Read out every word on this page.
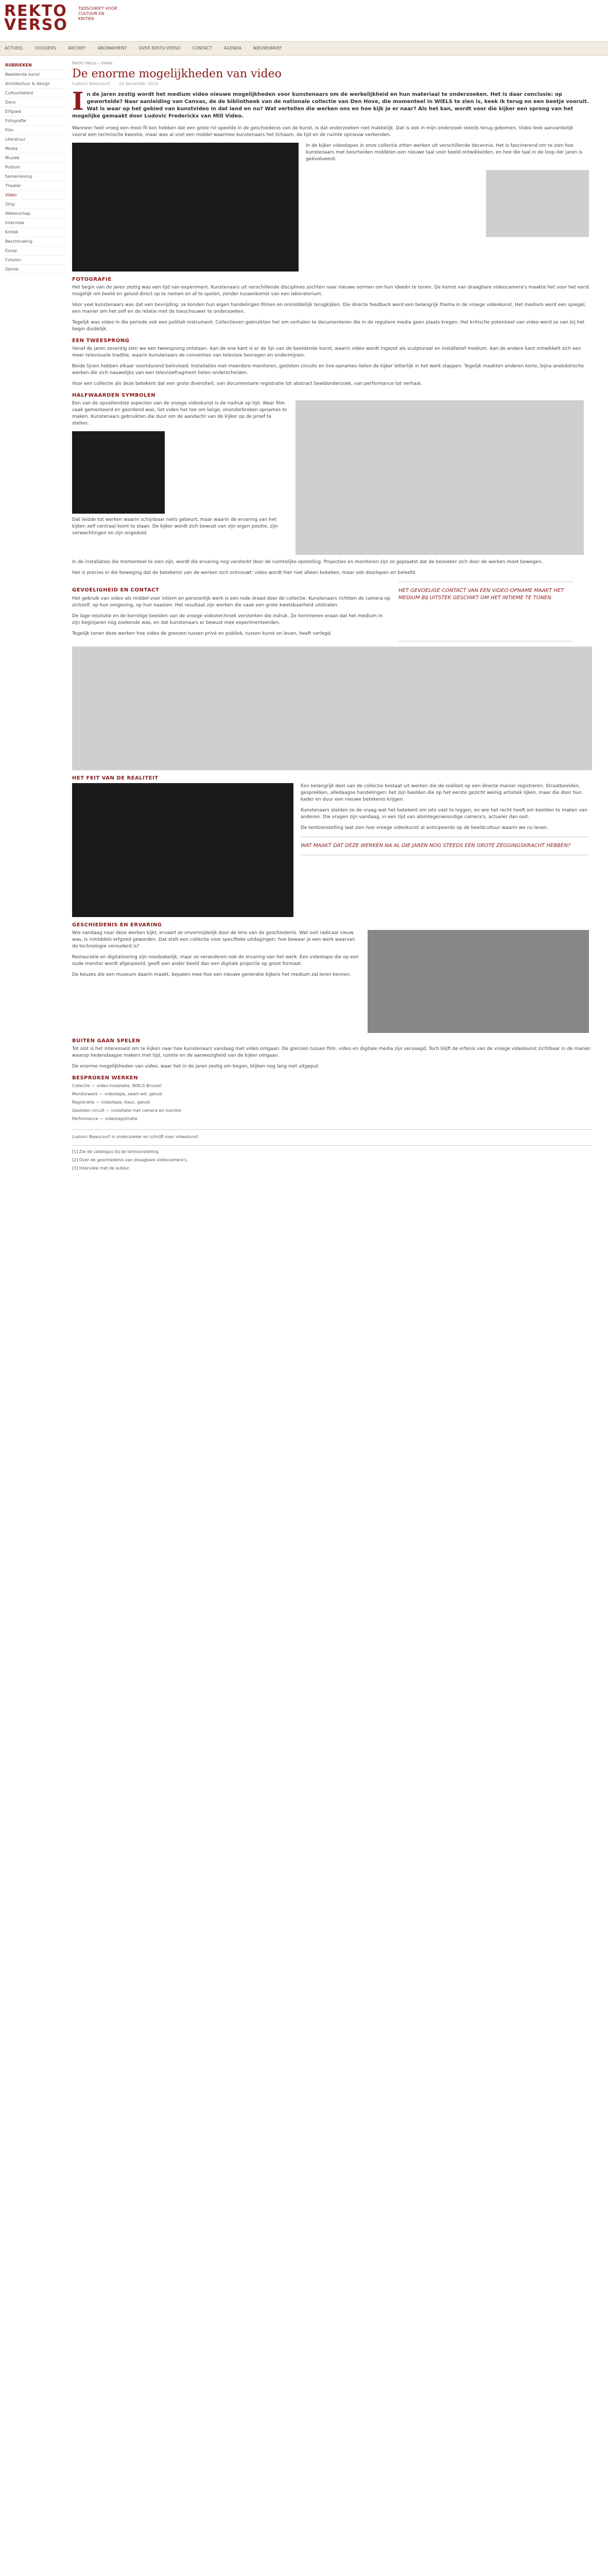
REKTO
VERSO
TIJDSCHRIFT VOOR CULTUUR EN KRITIEK
ACTUEEL	DOSSIERS	ARCHIEF	ABONNEMENT	OVER REKTO:VERSO	CONTACT	AGENDA	NIEUWSBRIEF
RUBRIEKEN
Beeldende kunst
Architectuur & design
Cultuurbeleid
Dans
Erfgoed
Fotografie
Film
Literatuur
Media
Muziek
Podium
Samenleving
Theater
Video
Strip
Wetenschap
Interview
Kritiek
Beschouwing
Essay
Column
Opinie
Rekto:Verso › Video
De enorme mogelijkheden van video
Ludovic Beaucourt 22 december 2014
I n de jaren zestig wordt het medium video nieuwe mogelijkheden voor kunstenaars om de werkelijkheid en hun materiaal te onderzoeken. Het is daar conclusie: op gewortelde? Naar aanleiding van Canvas, de de bibliotheek van de nationale collectie van Den Hove, die momenteel in WIELS te zien is, keek ik terug en een beetje vooruit. Wat is waar op het gebied van kunstvideo in dat land en nu? Wat vertellen die werken ons en hoe kijk je er naar? Als het kan, wordt voor die kijker een sprong van het mogelijke gemaakt door Ludovic Frederickx van Mill Video.

Wanneer heel vroeg een mooi fil kon hebben dat een grote rol speelde in de geschiedenis van de kunst, is dat onderzoeken niet makkelijk. Dat is ook in mijn onderzoek steeds terug gekomen. Video leek aanvankelijk vooral een technische kwestie, maar was al snel een middel waarmee kunstenaars het lichaam, de tijd en de ruimte opnieuw verkenden.

In de kijker videotapes in onze collectie zitten werken uit verschillende decennia. Het is fascinerend om te zien hoe kunstenaars met bescheiden middelen een nieuwe taal voor beeld ontwikkelden, en hoe die taal in de loop der jaren is geëvolueerd.

FOTOGRAFIE

Het begin van de jaren zestig was een tijd van experiment. Kunstenaars uit verschillende disciplines zochten naar nieuwe vormen om hun ideeën te tonen. De komst van draagbare videocamera's maakte het voor het eerst mogelijk om beeld en geluid direct op te nemen en af te spelen, zonder tussenkomst van een laboratorium.

Voor veel kunstenaars was dat een bevrijding: ze konden hun eigen handelingen filmen en onmiddellijk terugkijken. Die directe feedback werd een belangrijk thema in de vroege videokunst. Het medium werd een spiegel, een manier om het zelf en de relatie met de toeschouwer te onderzoeken.

Tegelijk was video in die periode ook een politiek instrument. Collectieven gebruikten het om verhalen te documenteren die in de reguliere media geen plaats kregen. Het kritische potentieel van video werd zo van bij het begin duidelijk.

EEN TWEESPRONG

Vanaf de jaren zeventig zien we een tweesprong ontstaan. Aan de ene kant is er de lijn van de beeldende kunst, waarin video wordt ingezet als sculpturaal en installatief medium. Aan de andere kant ontwikkelt zich een meer televisuele traditie, waarin kunstenaars de conventies van televisie bevragen en ondermijnen.

Beide lijnen hebben elkaar voortdurend beïnvloed. Installaties met meerdere monitoren, gesloten circuits en live-opnames lieten de kijker letterlijk in het werk stappen. Tegelijk maakten anderen korte, bijna anekdotische werken die zich nauwelijks van een televisiefragment lieten onderscheiden.

Voor een collectie als deze betekent dat een grote diversiteit: van documentaire registratie tot abstract beeldonderzoek, van performance tot verhaal.

HALFWAARDEN SYMBOLEN

Een van de opvallendste aspecten van de vroege videokunst is de nadruk op tijd. Waar film vaak gemonteerd en geordend was, liet video het toe om lange, ononderbroken opnames te maken. Kunstenaars gebruikten die duur om de aandacht van de kijker op de proef te stellen.

Dat leidde tot werken waarin schijnbaar niets gebeurt, maar waarin de ervaring van het kijken zelf centraal komt te staan. De kijker wordt zich bewust van zijn eigen positie, zijn verwachtingen en zijn ongeduld.

In de installaties die momenteel te zien zijn, wordt die ervaring nog versterkt door de ruimtelijke opstelling. Projecties en monitoren zijn zo geplaatst dat de bezoeker zich door de werken moet bewegen.

Het is precies in die beweging dat de betekenis van de werken zich ontvouwt: video wordt hier niet alleen bekeken, maar ook doorlopen en beleefd.

GEVOELIGHEID EN CONTACT

Het gebruik van video als middel voor intiem en persoonlijk werk is een rode draad door de collectie. Kunstenaars richtten de camera op zichzelf, op hun omgeving, op hun naasten. Het resultaat zijn werken die vaak een grote kwetsbaarheid uitstralen.

De lage resolutie en de korrelige beelden van de vroege videotechniek versterken die indruk. Ze herinneren eraan dat het medium in zijn beginjaren nog zoekende was, en dat kunstenaars er bewust mee experimenteerden.

Tegelijk tonen deze werken hoe video de grenzen tussen privé en publiek, tussen kunst en leven, heeft verlegd.

HET GEVOELIGE CONTACT VAN EEN VIDEO-OPNAME MAAKT HET MEDIUM BIJ UITSTEK GESCHIKT OM HET INTIEME TE TONEN
HET FEIT VAN DE REALITEIT

Een belangrijk deel van de collectie bestaat uit werken die de realiteit op een directe manier registreren. Straatbeelden, gesprekken, alledaagse handelingen: het zijn beelden die op het eerste gezicht weinig artistiek lijken, maar die door hun kader en duur een nieuwe betekenis krijgen.

Kunstenaars stelden zo de vraag wat het betekent om iets vast te leggen, en wie het recht heeft om beelden te maken van anderen. Die vragen zijn vandaag, in een tijd van alomtegenwoordige camera's, actueler dan ooit.

De tentoonstelling laat zien hoe vroege videokunst al anticipeerde op de beeldcultuur waarin we nu leven.

WAT MAAKT DAT DEZE WERKEN NA AL DIE JAREN NOG STEEDS EEN GROTE ZEGGINGSKRACHT HEBBEN?
GESCHIEDENIS EN ERVARING

Wie vandaag naar deze werken kijkt, ervaart ze onvermijdelijk door de lens van de geschiedenis. Wat ooit radicaal nieuw was, is inmiddels erfgoed geworden. Dat stelt een collectie voor specifieke uitdagingen: hoe bewaar je een werk waarvan de technologie verouderd is?

Restauratie en digitalisering zijn noodzakelijk, maar ze veranderen ook de ervaring van het werk. Een videotape die op een oude monitor wordt afgespeeld, geeft een ander beeld dan een digitale projectie op groot formaat.

De keuzes die een museum daarin maakt, bepalen mee hoe een nieuwe generatie kijkers het medium zal leren kennen.

BUITEN GAAN SPELEN

Tot slot is het interessant om te kijken naar hoe kunstenaars vandaag met video omgaan. De grenzen tussen film, video en digitale media zijn vervaagd. Toch blijft de erfenis van de vroege videokunst zichtbaar in de manier waarop hedendaagse makers met tijd, ruimte en de aanwezigheid van de kijker omgaan.

De enorme mogelijkheden van video, waar het in de jaren zestig om begon, blijken nog lang niet uitgeput.

BESPROKEN WERKEN
Collectie — video-installatie, WIELS Brussel
Monitorwerk — videotape, zwart-wit, geluid
Registratie — videotape, kleur, geluid
Gesloten circuit — installatie met camera en monitor
Performance — videoregistratie
Ludovic Beaucourt is onderzoeker en schrijft over videokunst.
[1] Zie de catalogus bij de tentoonstelling.
[2] Over de geschiedenis van draagbare videocamera's.
[3] Interview met de auteur.
